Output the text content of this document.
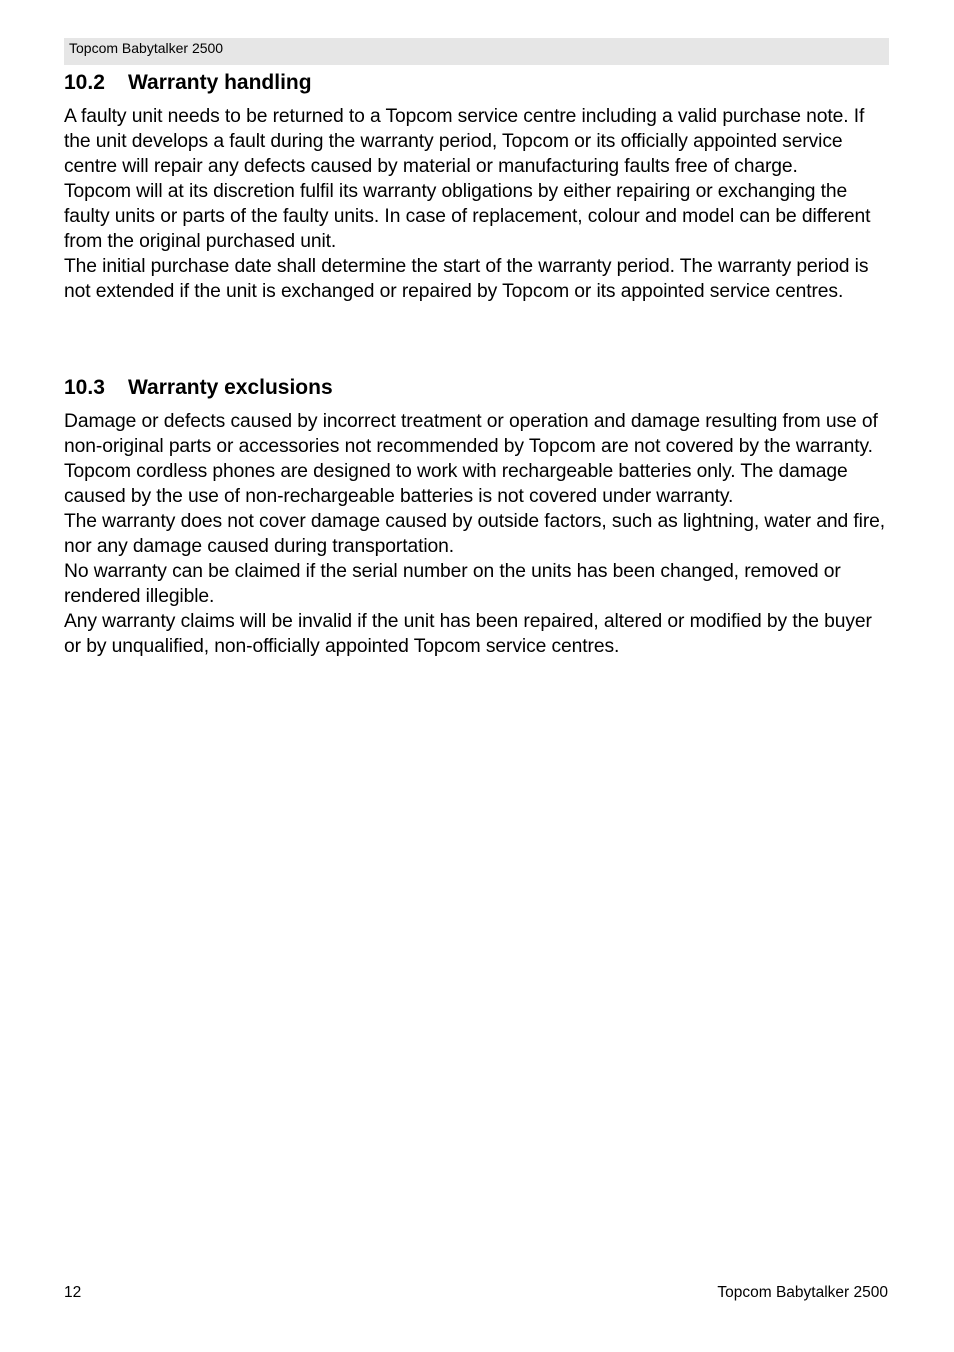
Topcom Babytalker 2500
10.2 Warranty handling

A faulty unit needs to be returned to a Topcom service centre including a valid purchase note. If the unit develops a fault during the warranty period, Topcom or its officially appointed service centre will repair any defects caused by material or manufacturing faults free of charge.

Topcom will at its discretion fulfil its warranty obligations by either repairing or exchanging the faulty units or parts of the faulty units. In case of replacement, colour and model can be different from the original purchased unit.

The initial purchase date shall determine the start of the warranty period. The warranty period is not extended if the unit is exchanged or repaired by Topcom or its appointed service centres.

10.3 Warranty exclusions

Damage or defects caused by incorrect treatment or operation and damage resulting from use of non-original parts or accessories not recommended by Topcom are not covered by the warranty.

Topcom cordless phones are designed to work with rechargeable batteries only. The damage caused by the use of non-rechargeable batteries is not covered under warranty.

The warranty does not cover damage caused by outside factors, such as lightning, water and fire, nor any damage caused during transportation.

No warranty can be claimed if the serial number on the units has been changed, removed or rendered illegible.

Any warranty claims will be invalid if the unit has been repaired, altered or modified by the buyer or by unqualified, non-officially appointed Topcom service centres.

12	Topcom Babytalker 2500
